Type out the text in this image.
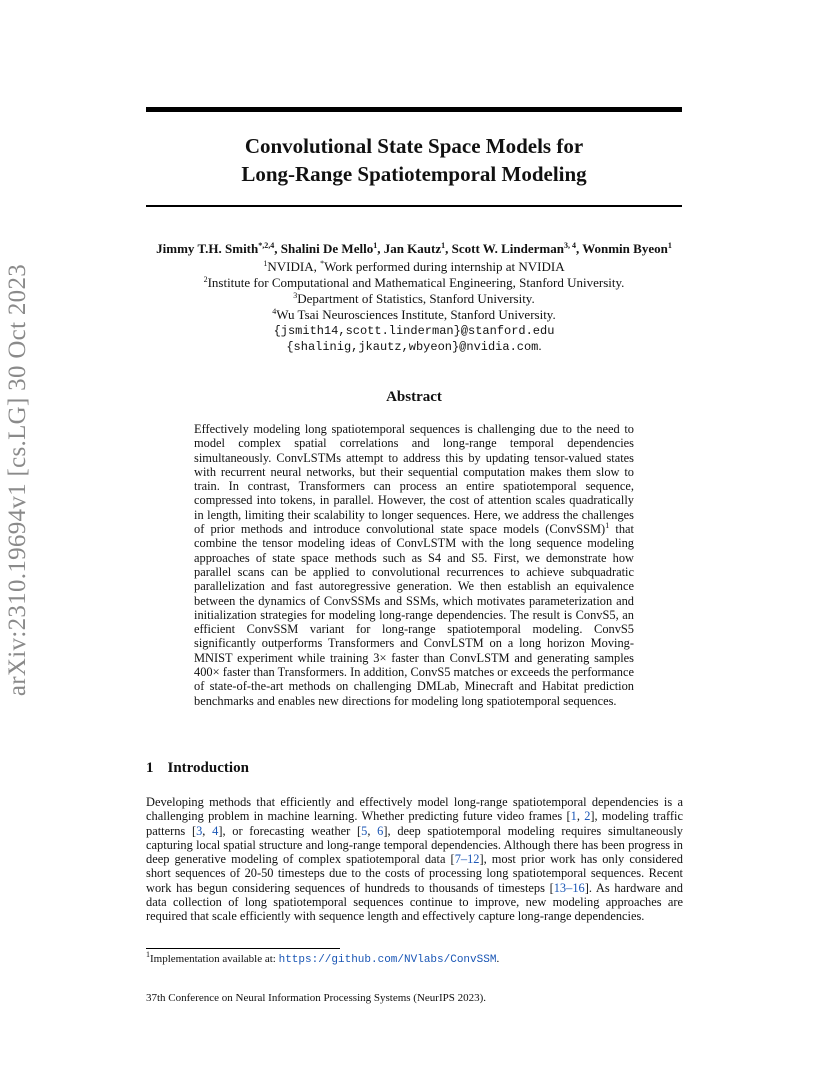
arXiv:2310.19694v1 [cs.LG] 30 Oct 2023
Convolutional State Space Models for
Long-Range Spatiotemporal Modeling
Jimmy T.H. Smith$^{*,2,4}$, Shalini De Mello$^1$, Jan Kautz$^1$, Scott W. Linderman$^{3, 4}$, Wonmin Byeon$^1$
$^1$NVIDIA, *Work performed during internship at NVIDIA
$^2$Institute for Computational and Mathematical Engineering, Stanford University.
$^3$Department of Statistics, Stanford University.
$^4$Wu Tsai Neurosciences Institute, Stanford University.
{jsmith14,scott.linderman}@stanford.edu
{shalinig,jkautz,wbyeon}@nvidia.com.
Abstract

Effectively modeling long spatiotemporal sequences is challenging due to the need to model complex spatial correlations and long-range temporal dependencies simultaneously. ConvLSTMs attempt to address this by updating tensor-valued states with recurrent neural networks, but their sequential computation makes them slow to train. In contrast, Transformers can process an entire spatiotemporal sequence, compressed into tokens, in parallel. However, the cost of attention scales quadratically in length, limiting their scalability to longer sequences. Here, we address the challenges of prior methods and introduce convolutional state space models (ConvSSM)$^1$ that combine the tensor modeling ideas of ConvLSTM with the long sequence modeling approaches of state space methods such as S4 and S5. First, we demonstrate how parallel scans can be applied to convolutional recurrences to achieve subquadratic parallelization and fast autoregressive generation. We then establish an equivalence between the dynamics of ConvSSMs and SSMs, which motivates parameterization and initialization strategies for modeling long-range dependencies. The result is ConvS5, an efficient ConvSSM variant for long-range spatiotemporal modeling. ConvS5 significantly outperforms Transformers and ConvLSTM on a long horizon Moving-MNIST experiment while training 3× faster than ConvLSTM and generating samples 400× faster than Transformers. In addition, ConvS5 matches or exceeds the performance of state-of-the-art methods on challenging DMLab, Minecraft and Habitat prediction benchmarks and enables new directions for modeling long spatiotemporal sequences.

1 Introduction

Developing methods that efficiently and effectively model long-range spatiotemporal dependencies is a challenging problem in machine learning. Whether predicting future video frames [1, 2], modeling traffic patterns [3, 4], or forecasting weather [5, 6], deep spatiotemporal modeling requires simultaneously capturing local spatial structure and long-range temporal dependencies. Although there has been progress in deep generative modeling of complex spatiotemporal data [7–12], most prior work has only considered short sequences of 20-50 timesteps due to the costs of processing long spatiotemporal sequences. Recent work has begun considering sequences of hundreds to thousands of timesteps [13–16]. As hardware and data collection of long spatiotemporal sequences continue to improve, new modeling approaches are required that scale efficiently with sequence length and effectively capture long-range dependencies.

$^1$Implementation available at: https://github.com/NVlabs/ConvSSM.
37th Conference on Neural Information Processing Systems (NeurIPS 2023).
